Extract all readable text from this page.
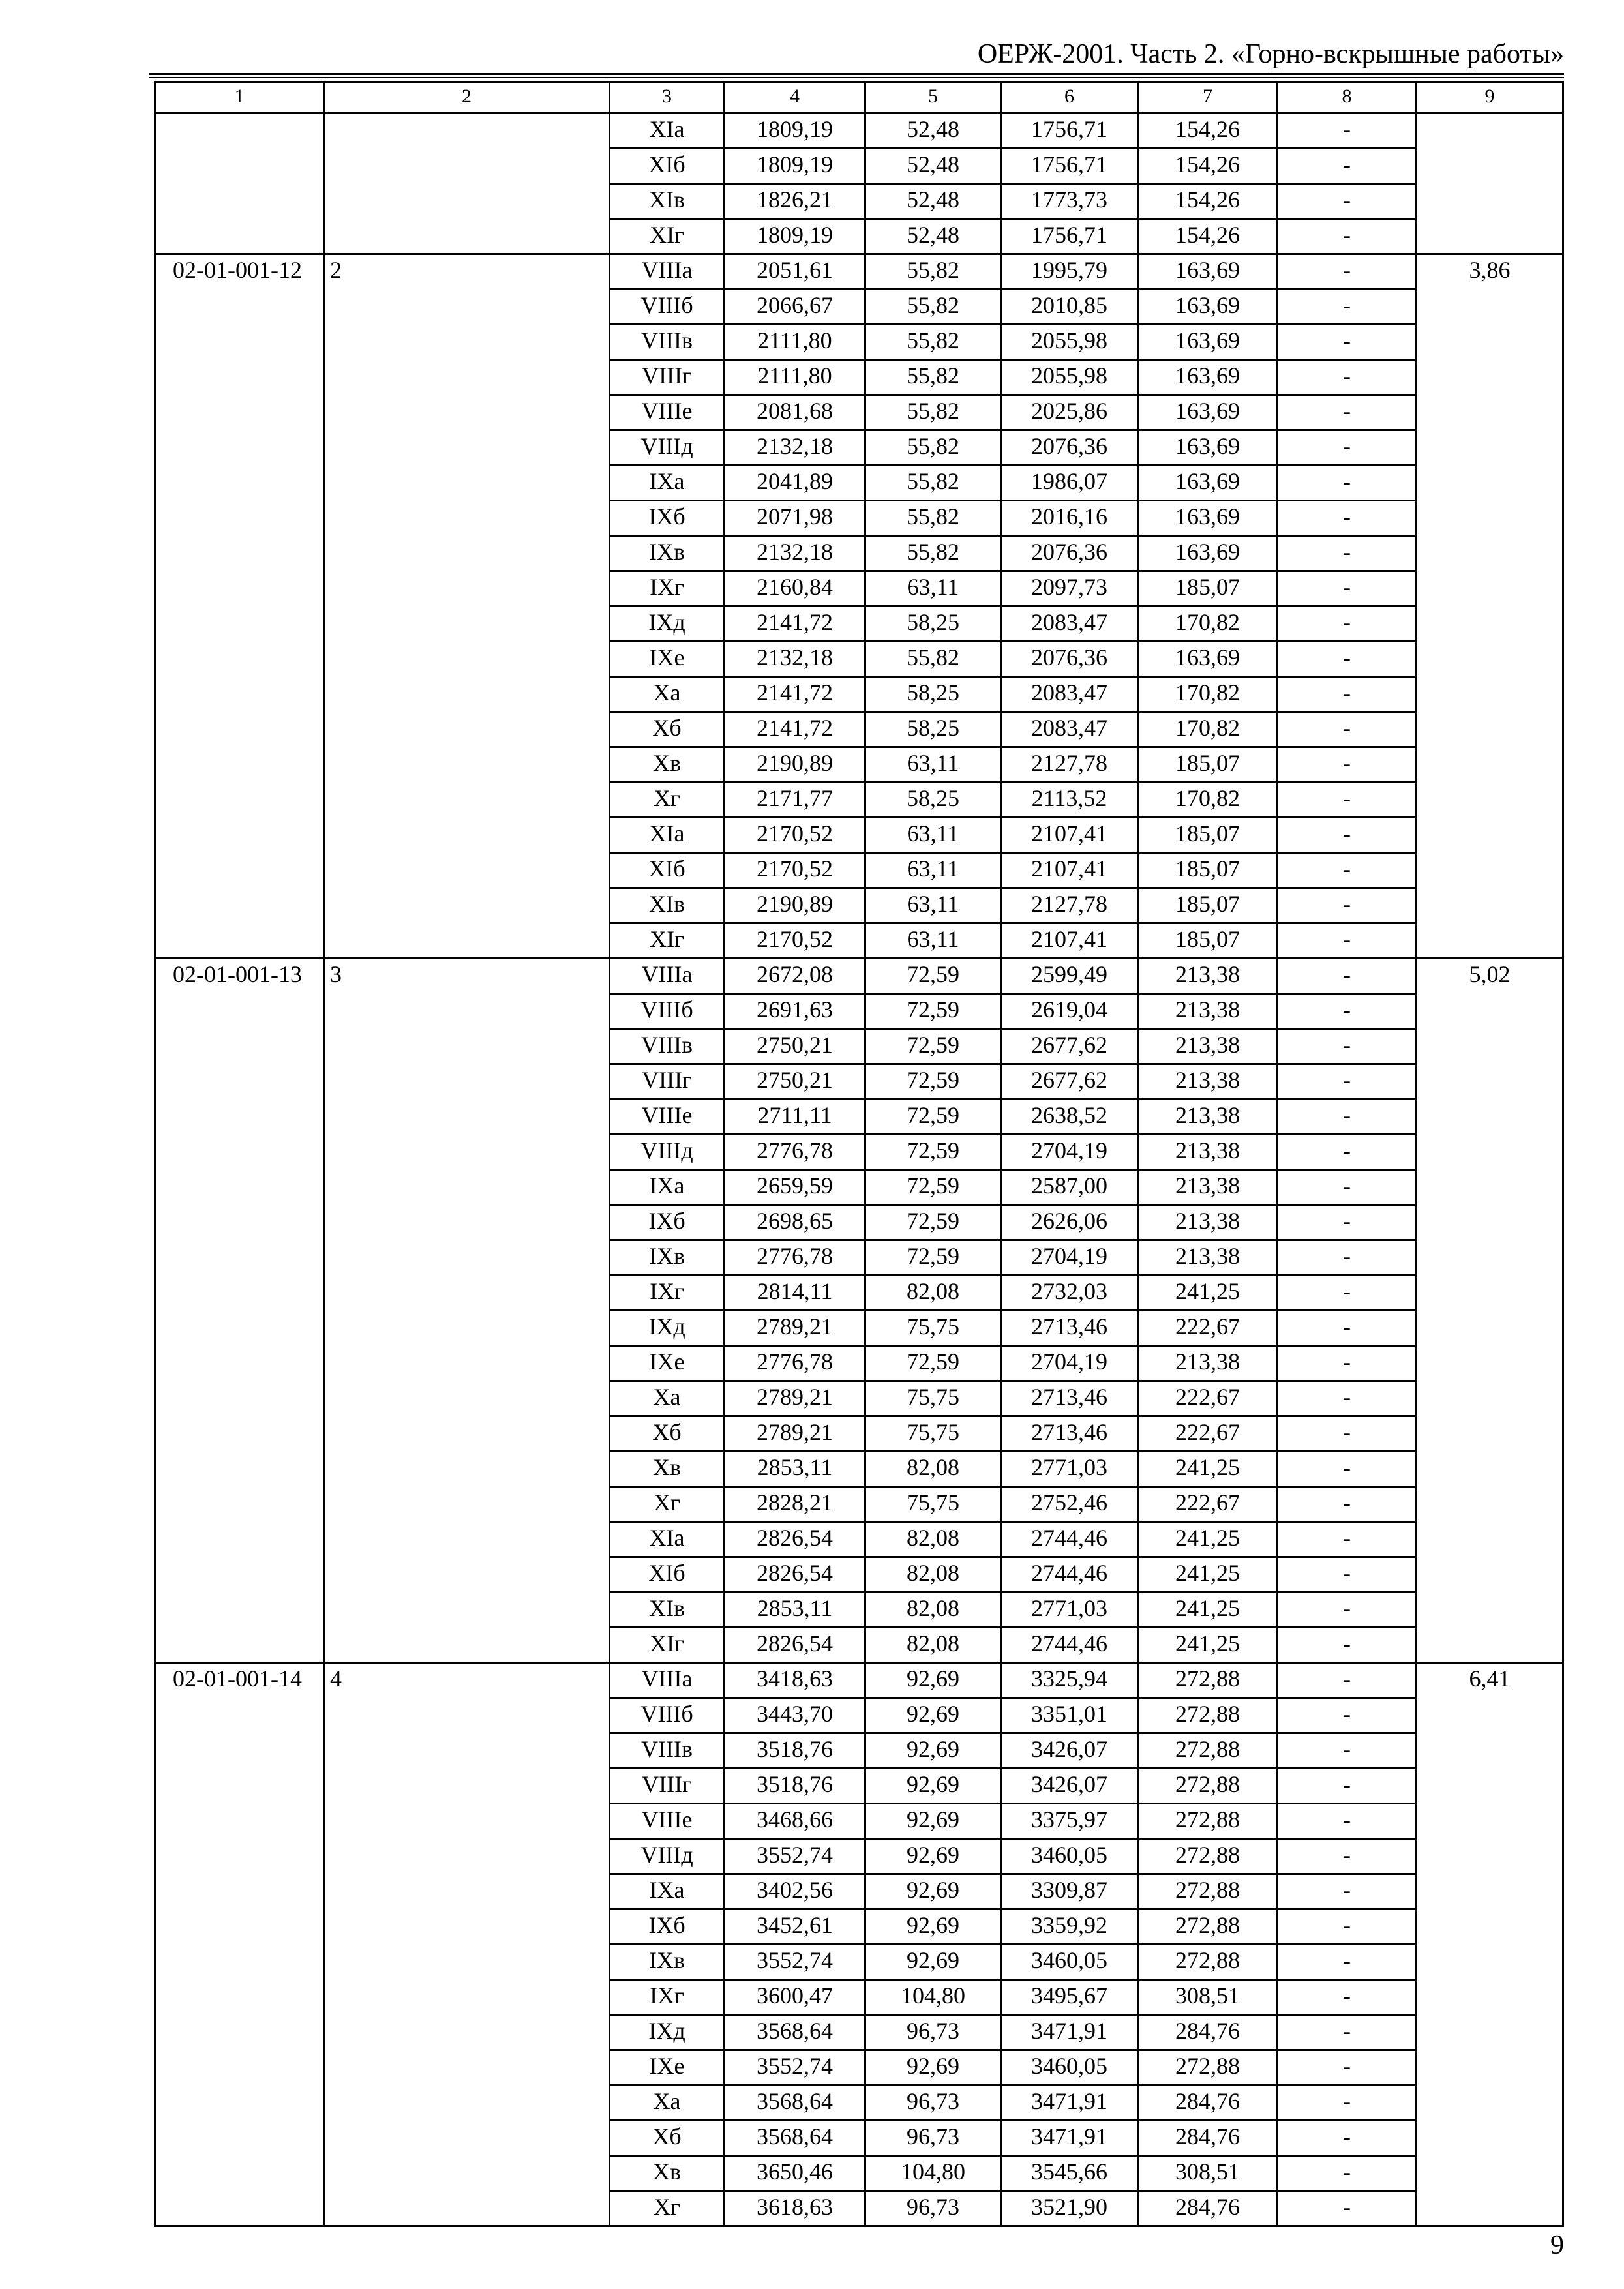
ОЕРЖ-2001. Часть 2. «Горно-вскрышные работы»
1	2	3	4	5	6	7	8	9
		XIа	1809,19	52,48	1756,71	154,26	-	
		XIб	1809,19	52,48	1756,71	154,26	-	
		XIв	1826,21	52,48	1773,73	154,26	-	
		XIг	1809,19	52,48	1756,71	154,26	-	
02-01-001-12	2	VIIIа	2051,61	55,82	1995,79	163,69	-	3,86
		VIIIб	2066,67	55,82	2010,85	163,69	-	
		VIIIв	2111,80	55,82	2055,98	163,69	-	
		VIIIг	2111,80	55,82	2055,98	163,69	-	
		VIIIе	2081,68	55,82	2025,86	163,69	-	
		VIIIд	2132,18	55,82	2076,36	163,69	-	
		IXа	2041,89	55,82	1986,07	163,69	-	
		IXб	2071,98	55,82	2016,16	163,69	-	
		IXв	2132,18	55,82	2076,36	163,69	-	
		IXг	2160,84	63,11	2097,73	185,07	-	
		IXд	2141,72	58,25	2083,47	170,82	-	
		IXе	2132,18	55,82	2076,36	163,69	-	
		Xа	2141,72	58,25	2083,47	170,82	-	
		Xб	2141,72	58,25	2083,47	170,82	-	
		Xв	2190,89	63,11	2127,78	185,07	-	
		Xг	2171,77	58,25	2113,52	170,82	-	
		XIа	2170,52	63,11	2107,41	185,07	-	
		XIб	2170,52	63,11	2107,41	185,07	-	
		XIв	2190,89	63,11	2127,78	185,07	-	
		XIг	2170,52	63,11	2107,41	185,07	-	
02-01-001-13	3	VIIIа	2672,08	72,59	2599,49	213,38	-	5,02
		VIIIб	2691,63	72,59	2619,04	213,38	-	
		VIIIв	2750,21	72,59	2677,62	213,38	-	
		VIIIг	2750,21	72,59	2677,62	213,38	-	
		VIIIе	2711,11	72,59	2638,52	213,38	-	
		VIIIд	2776,78	72,59	2704,19	213,38	-	
		IXа	2659,59	72,59	2587,00	213,38	-	
		IXб	2698,65	72,59	2626,06	213,38	-	
		IXв	2776,78	72,59	2704,19	213,38	-	
		IXг	2814,11	82,08	2732,03	241,25	-	
		IXд	2789,21	75,75	2713,46	222,67	-	
		IXе	2776,78	72,59	2704,19	213,38	-	
		Xа	2789,21	75,75	2713,46	222,67	-	
		Xб	2789,21	75,75	2713,46	222,67	-	
		Xв	2853,11	82,08	2771,03	241,25	-	
		Xг	2828,21	75,75	2752,46	222,67	-	
		XIа	2826,54	82,08	2744,46	241,25	-	
		XIб	2826,54	82,08	2744,46	241,25	-	
		XIв	2853,11	82,08	2771,03	241,25	-	
		XIг	2826,54	82,08	2744,46	241,25	-	
02-01-001-14	4	VIIIа	3418,63	92,69	3325,94	272,88	-	6,41
		VIIIб	3443,70	92,69	3351,01	272,88	-	
		VIIIв	3518,76	92,69	3426,07	272,88	-	
		VIIIг	3518,76	92,69	3426,07	272,88	-	
		VIIIе	3468,66	92,69	3375,97	272,88	-	
		VIIIд	3552,74	92,69	3460,05	272,88	-	
		IXа	3402,56	92,69	3309,87	272,88	-	
		IXб	3452,61	92,69	3359,92	272,88	-	
		IXв	3552,74	92,69	3460,05	272,88	-	
		IXг	3600,47	104,80	3495,67	308,51	-	
		IXд	3568,64	96,73	3471,91	284,76	-	
		IXе	3552,74	92,69	3460,05	272,88	-	
		Xа	3568,64	96,73	3471,91	284,76	-	
		Xб	3568,64	96,73	3471,91	284,76	-	
		Xв	3650,46	104,80	3545,66	308,51	-	
		Xг	3618,63	96,73	3521,90	284,76	-	
9
